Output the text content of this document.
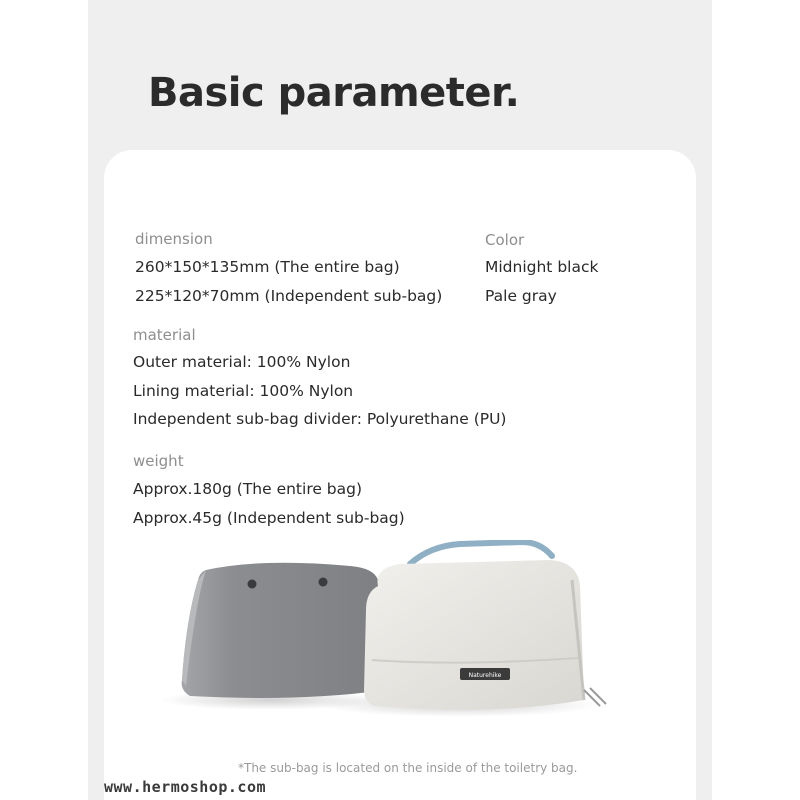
Basic parameter.
dimension
260*150*135mm (The entire bag)
225*120*70mm (Independent sub-bag)
Color
Midnight black
Pale gray
material
Outer material: 100% Nylon
Lining material: 100% Nylon
Independent sub-bag divider: Polyurethane (PU)
weight
Approx.180g (The entire bag)
Approx.45g (Independent sub-bag)
Naturehike
*The sub-bag is located on the inside of the toiletry bag.
www.hermoshop.com
